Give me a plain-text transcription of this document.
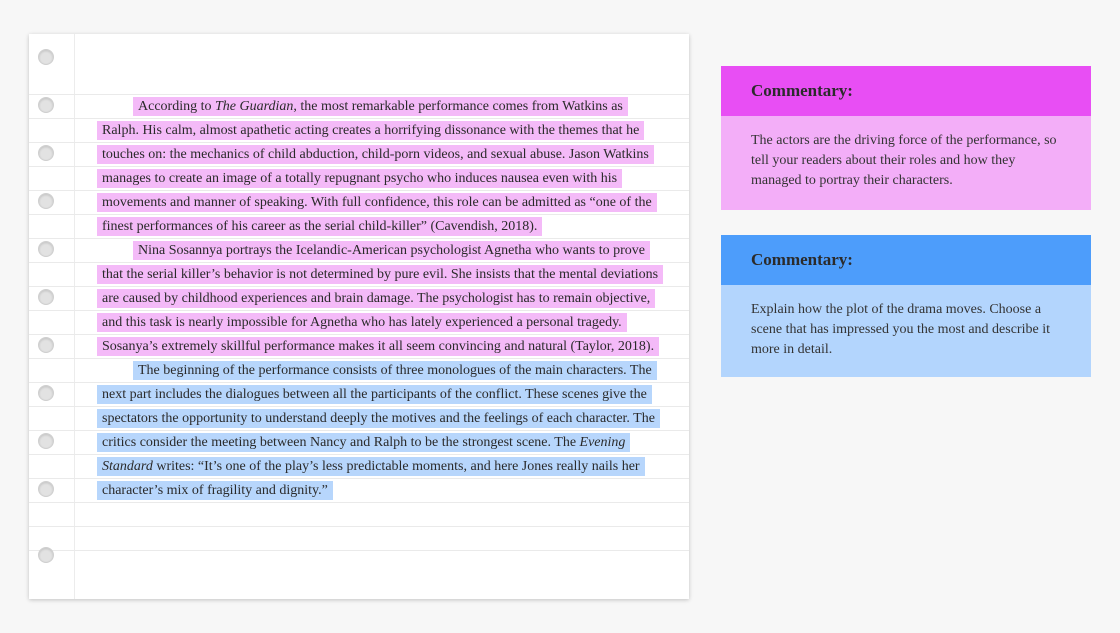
According to The Guardian, the most remarkable performance comes from Watkins as Ralph. His calm, almost apathetic acting creates a horrifying dissonance with the themes that he touches on: the mechanics of child abduction, child-porn videos, and sexual abuse. Jason Watkins manages to create an image of a totally repugnant psycho who induces nausea even with his movements and manner of speaking. With full confidence, this role can be admitted as “one of the finest performances of his career as the serial child-killer” (Cavendish, 2018).

Nina Sosannya portrays the Icelandic-American psychologist Agnetha who wants to prove that the serial killer’s behavior is not determined by pure evil. She insists that the mental deviations are caused by childhood experiences and brain damage. The psychologist has to remain objective, and this task is nearly impossible for Agnetha who has lately experienced a personal tragedy. Sosanya’s extremely skillful performance makes it all seem convincing and natural (Taylor, 2018).

The beginning of the performance consists of three monologues of the main characters. The next part includes the dialogues between all the participants of the conflict. These scenes give the spectators the opportunity to understand deeply the motives and the feelings of each character. The critics consider the meeting between Nancy and Ralph to be the strongest scene. The Evening Standard writes: “It’s one of the play’s less predictable moments, and here Jones really nails her character’s mix of fragility and dignity.”

Commentary:
The actors are the driving force of the performance, so tell your readers about their roles and how they managed to portray their characters.
Commentary:
Explain how the plot of the drama moves. Choose a scene that has impressed you the most and describe it more in detail.
